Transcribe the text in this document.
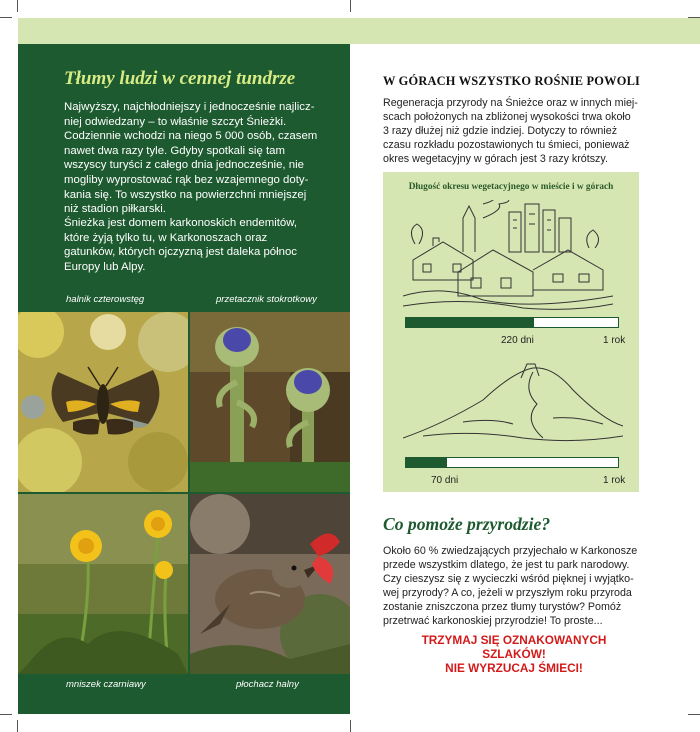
Tłumy ludzi w cennej tundrze
Najwyższy, najchłodniejszy i jednocześnie najlicz-
niej odwiedzany – to właśnie szczyt Śnieżki.
Codziennie wchodzi na niego 5 000 osób, czasem
nawet dwa razy tyle. Gdyby spotkali się tam
wszyscy turyści z całego dnia jednocześnie, nie
mogliby wyprostować rąk bez wzajemnego doty-
kania się. To wszystko na powierzchni mniejszej
niż stadion piłkarski.
Śnieżka jest domem karkonoskich endemitów,
które żyją tylko tu, w Karkonoszach oraz
gatunków, których ojczyzną jest daleka północ
Europy lub Alpy.
halnik czterowstęg	przetacznik stokrotkowy
mniszek czarniawy	płochacz halny
W GÓRACH WSZYSTKO ROŚNIE POWOLI
Regeneracja przyrody na Śnieżce oraz w innych miej-
scach położonych na zbliżonej wysokości trwa około
3 razy dłużej niż gdzie indziej. Dotyczy to również
czasu rozkładu pozostawionych tu śmieci, ponieważ
okres wegetacyjny w górach jest 3 razy krótszy.
Długość okresu wegetacyjnego w mieście i w górach
220 dni	1 rok
70 dni	1 rok
Co pomoże przyrodzie?
Około 60 % zwiedzających przyjechało w Karkonosze
przede wszystkim dlatego, że jest tu park narodowy.
Czy cieszysz się z wycieczki wśród pięknej i wyjątko-
wej przyrody? A co, jeżeli w przyszłym roku przyroda
zostanie zniszczona przez tłumy turystów? Pomóż
przetrwać karkonoskiej przyrodzie! To proste...
TRZYMAJ SIĘ OZNAKOWANYCH
SZLAKÓW!
NIE WYRZUCAJ ŚMIECI!
